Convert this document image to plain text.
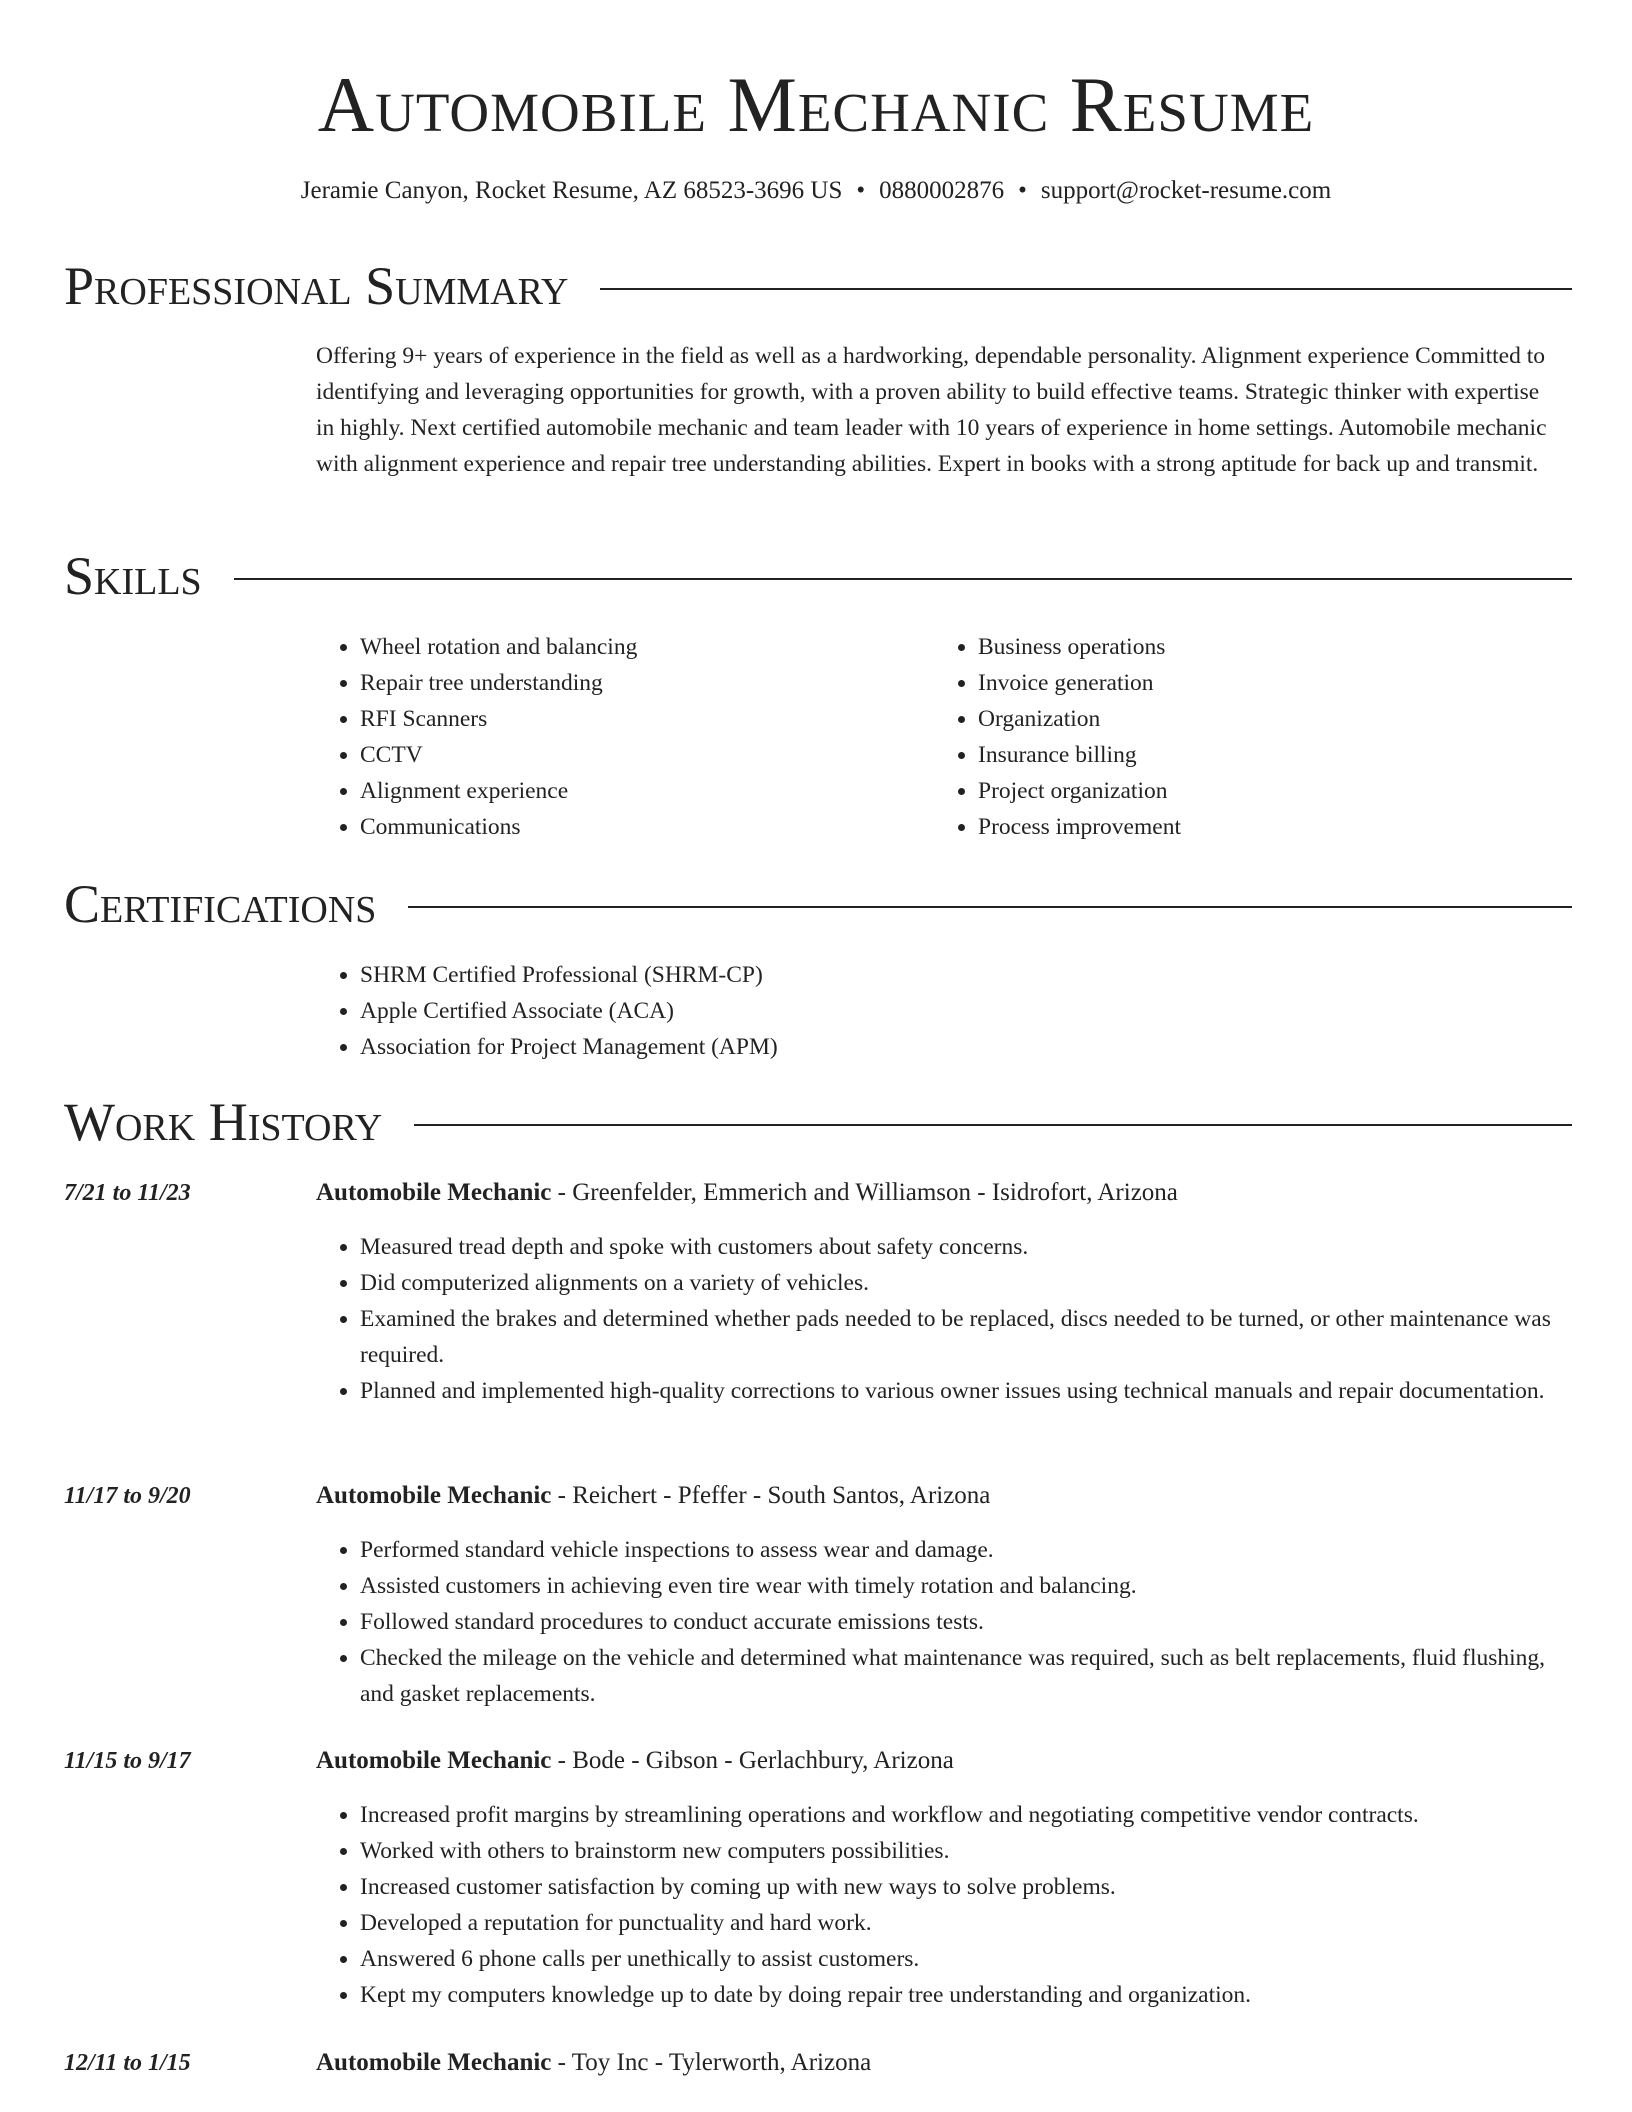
Automobile Mechanic Resume
Jeramie Canyon, Rocket Resume, AZ 68523-3696 US • 0880002876 • support@rocket-resume.com
Professional Summary

Offering 9+ years of experience in the field as well as a hardworking, dependable personality. Alignment experience Committed to identifying and leveraging opportunities for growth, with a proven ability to build effective teams. Strategic thinker with expertise in highly. Next certified automobile mechanic and team leader with 10 years of experience in home settings. Automobile mechanic with alignment experience and repair tree understanding abilities. Expert in books with a strong aptitude for back up and transmit.

Skills
• Wheel rotation and balancing
• Repair tree understanding
• RFI Scanners
• CCTV
• Alignment experience
• Communications
• Business operations
• Invoice generation
• Organization
• Insurance billing
• Project organization
• Process improvement
Certifications
• SHRM Certified Professional (SHRM-CP)
• Apple Certified Associate (ACA)
• Association for Project Management (APM)
Work History
7/21 to 11/23	Automobile Mechanic - Greenfelder, Emmerich and Williamson - Isidrofort, Arizona
• Measured tread depth and spoke with customers about safety concerns.
• Did computerized alignments on a variety of vehicles.
• Examined the brakes and determined whether pads needed to be replaced, discs needed to be turned, or other maintenance was required.
• Planned and implemented high-quality corrections to various owner issues using technical manuals and repair documentation.
11/17 to 9/20	Automobile Mechanic - Reichert - Pfeffer - South Santos, Arizona
• Performed standard vehicle inspections to assess wear and damage.
• Assisted customers in achieving even tire wear with timely rotation and balancing.
• Followed standard procedures to conduct accurate emissions tests.
• Checked the mileage on the vehicle and determined what maintenance was required, such as belt replacements, fluid flushing, and gasket replacements.
11/15 to 9/17	Automobile Mechanic - Bode - Gibson - Gerlachbury, Arizona
• Increased profit margins by streamlining operations and workflow and negotiating competitive vendor contracts.
• Worked with others to brainstorm new computers possibilities.
• Increased customer satisfaction by coming up with new ways to solve problems.
• Developed a reputation for punctuality and hard work.
• Answered 6 phone calls per unethically to assist customers.
• Kept my computers knowledge up to date by doing repair tree understanding and organization.
12/11 to 1/15	Automobile Mechanic - Toy Inc - Tylerworth, Arizona
